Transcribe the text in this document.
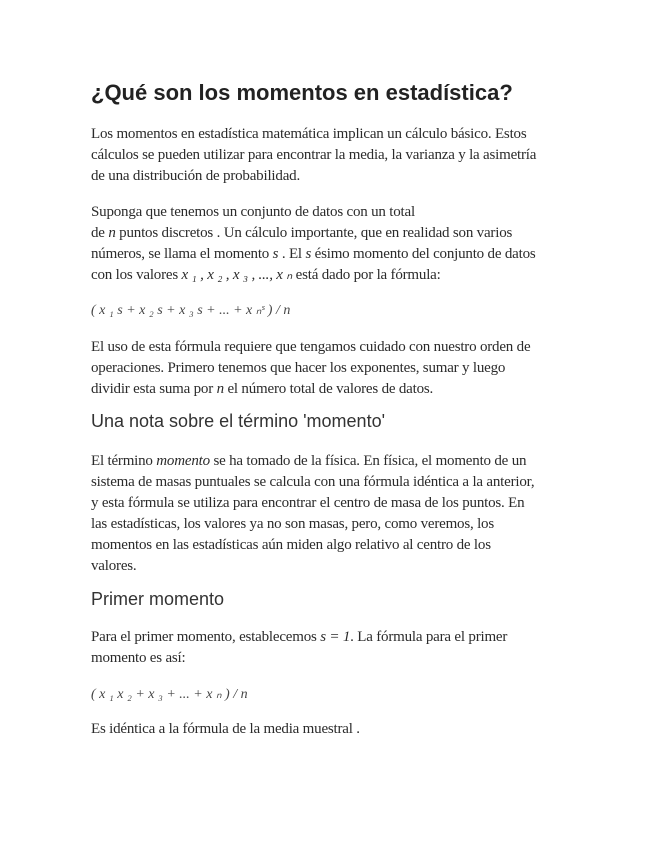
¿Qué son los momentos en estadística?

Los momentos en estadística matemática implican un cálculo básico. Estos
cálculos se pueden utilizar para encontrar la media, la varianza y la asimetría
de una distribución de probabilidad.

Suponga que tenemos un conjunto de datos con un total
de n puntos discretos . Un cálculo importante, que en realidad son varios
números, se llama el momento s . El s ésimo momento del conjunto de datos
con los valores x ₁ , x ₂ , x ₃ , ..., x ₙ está dado por la fórmula:

( x ₁ s + x ₂ s + x ₃ s + ... + x ₙˢ ) / n

El uso de esta fórmula requiere que tengamos cuidado con nuestro orden de
operaciones. Primero tenemos que hacer los exponentes, sumar y luego
dividir esta suma por n el número total de valores de datos.

Una nota sobre el término 'momento'

El término momento se ha tomado de la física. En física, el momento de un
sistema de masas puntuales se calcula con una fórmula idéntica a la anterior,
y esta fórmula se utiliza para encontrar el centro de masa de los puntos. En
las estadísticas, los valores ya no son masas, pero, como veremos, los
momentos en las estadísticas aún miden algo relativo al centro de los
valores.

Primer momento

Para el primer momento, establecemos s = 1. La fórmula para el primer
momento es así:

( x ₁ x ₂ + x ₃ + ... + x ₙ ) / n

Es idéntica a la fórmula de la media muestral .
